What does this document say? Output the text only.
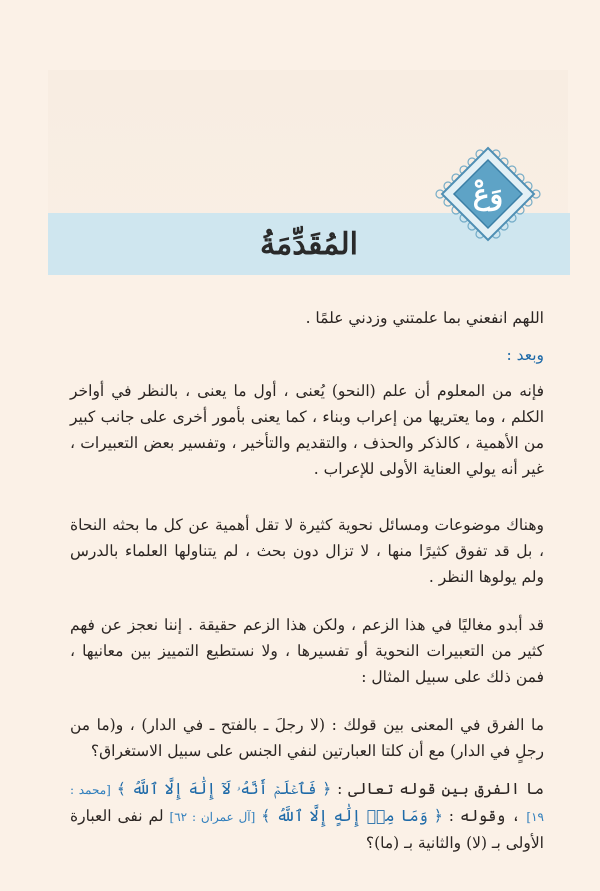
المُقَدِّمَةُ
وَعْ

اللهم انفعني بما علمتني وزدني علمًا .

وبعد :

فإنه من المعلوم أن علم (النحو) يُعنى ، أول ما يعنى ، بالنظر في أواخر الكلم ، وما يعتريها من إعراب وبناء ، كما يعنى بأمور أخرى على جانب كبير من الأهمية ، كالذكر والحذف ، والتقديم والتأخير ، وتفسير بعض التعبيرات ، غير أنه يولي العناية الأولى للإعراب .

وهناك موضوعات ومسائل نحوية كثيرة لا تقل أهمية عن كل ما بحثه النحاة ، بل قد تفوق كثيرًا منها ، لا تزال دون بحث ، لم يتناولها العلماء بالدرس ولم يولوها النظر .

قد أبدو مغاليًا في هذا الزعم ، ولكن هذا الزعم حقيقة . إننا نعجز عن فهم كثير من التعبيرات النحوية أو تفسيرها ، ولا نستطيع التمييز بين معانيها ، فمن ذلك على سبيل المثال :

ما الفرق في المعنى بين قولك : (لا رجلَ ـ بالفتح ـ في الدار) ، و(ما من رجلٍ في الدار) مع أن كلتا العبارتين لنفي الجنس على سبيل الاستغراق؟

ما الفرق بين قوله تعالى : ﴿ فَٱعۡلَمۡ أَنَّهُۥ لَآ إِلَٰهَ إِلَّا ٱللَّهُ ﴾ [محمد : ١٩] ، وقوله : ﴿ وَمَا مِنۡ إِلَٰهٍ إِلَّا ٱللَّهُ ﴾ [آل عمران : ٦٢] لم نفى العبارة الأولى بـ (لا) والثانية بـ (ما)؟
